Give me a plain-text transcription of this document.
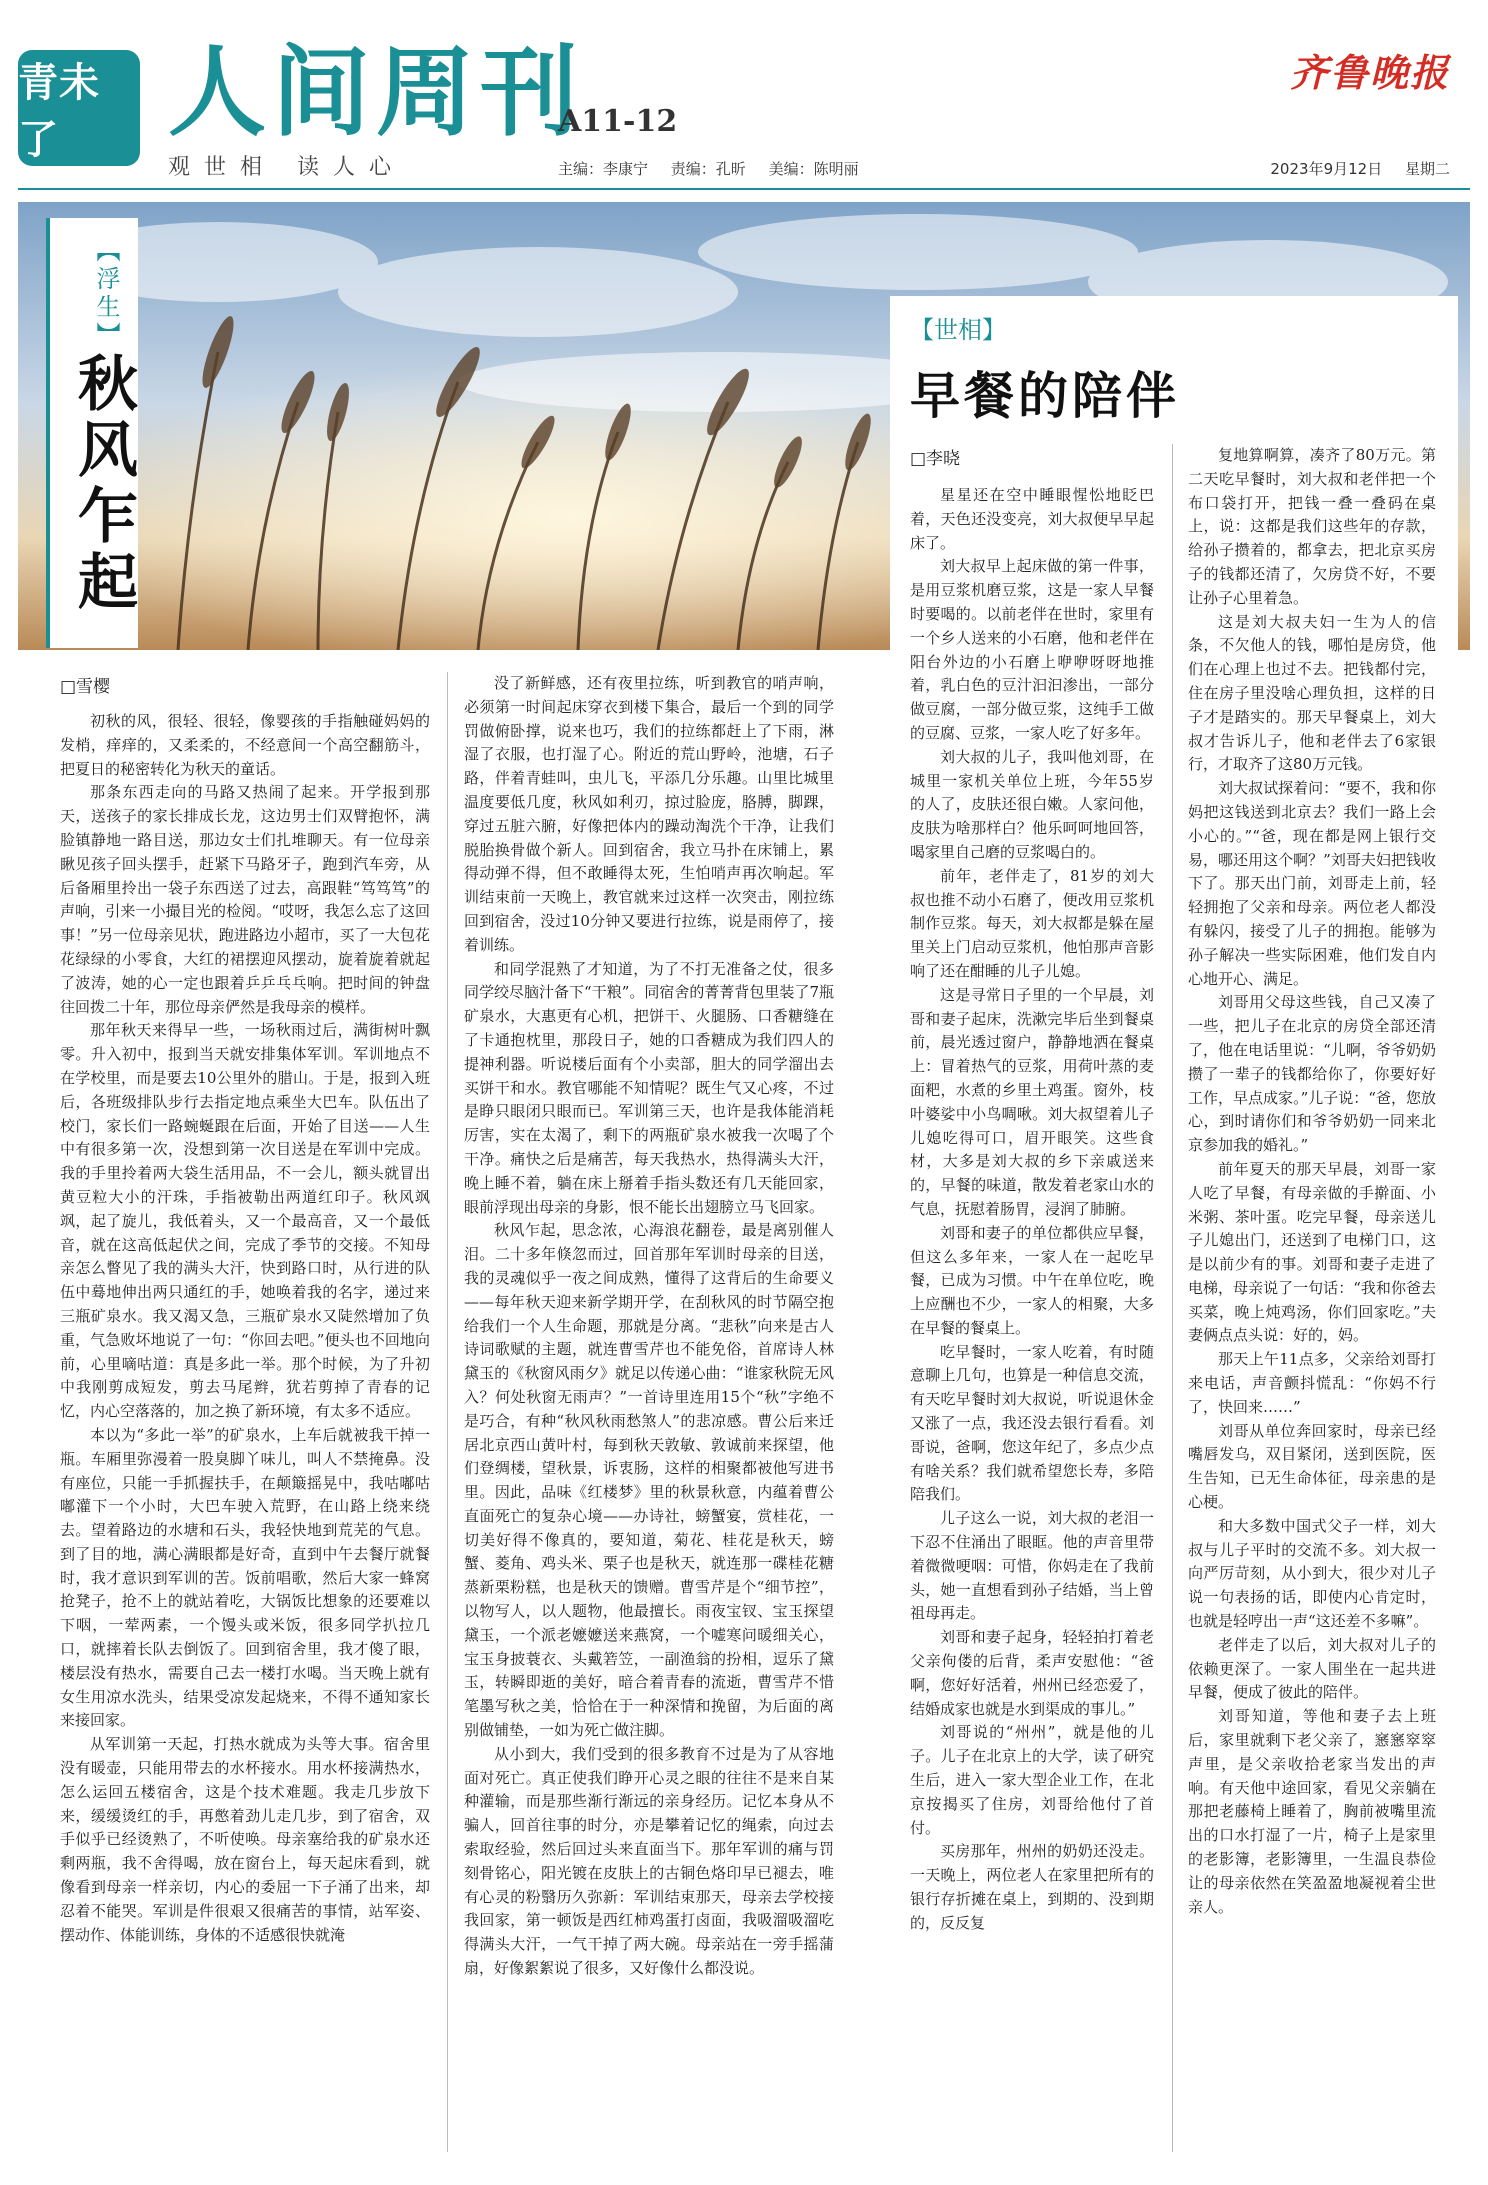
青未了	人间周刊
A11-12
观世相 读人心
齐鲁晚报
主编：李康宁 责编：孔昕 美编：陈明丽	2023年9月12日 星期二
【浮生】
秋风乍起
【世相】
早餐的陪伴
□雪樱
□李晓

初秋的风，很轻、很轻，像婴孩的手指触碰妈妈的发梢，痒痒的，又柔柔的，不经意间一个高空翻筋斗，把夏日的秘密转化为秋天的童话。

那条东西走向的马路又热闹了起来。开学报到那天，送孩子的家长排成长龙，这边男士们双臂抱怀，满脸镇静地一路目送，那边女士们扎堆聊天。有一位母亲瞅见孩子回头摆手，赶紧下马路牙子，跑到汽车旁，从后备厢里拎出一袋子东西送了过去，高跟鞋“笃笃笃”的声响，引来一小撮目光的检阅。“哎呀，我怎么忘了这回事！”另一位母亲见状，跑进路边小超市，买了一大包花花绿绿的小零食，大红的裙摆迎风摆动，旋着旋着就起了波涛，她的心一定也跟着乒乒乓乓响。把时间的钟盘往回拨二十年，那位母亲俨然是我母亲的模样。

那年秋天来得早一些，一场秋雨过后，满街树叶飘零。升入初中，报到当天就安排集体军训。军训地点不在学校里，而是要去10公里外的腊山。于是，报到入班后，各班级排队步行去指定地点乘坐大巴车。队伍出了校门，家长们一路蜿蜒跟在后面，开始了目送——人生中有很多第一次，没想到第一次目送是在军训中完成。我的手里拎着两大袋生活用品，不一会儿，额头就冒出黄豆粒大小的汗珠，手指被勒出两道红印子。秋风飒飒，起了旋儿，我低着头，又一个最高音，又一个最低音，就在这高低起伏之间，完成了季节的交接。不知母亲怎么瞥见了我的满头大汗，快到路口时，从行进的队伍中蓦地伸出两只通红的手，她唤着我的名字，递过来三瓶矿泉水。我又渴又急，三瓶矿泉水又陡然增加了负重，气急败坏地说了一句：“你回去吧。”便头也不回地向前，心里嘀咕道：真是多此一举。那个时候，为了升初中我刚剪成短发，剪去马尾辫，犹若剪掉了青春的记忆，内心空落落的，加之换了新环境，有太多不适应。

本以为“多此一举”的矿泉水，上车后就被我干掉一瓶。车厢里弥漫着一股臭脚丫味儿，叫人不禁掩鼻。没有座位，只能一手抓握扶手，在颠簸摇晃中，我咕嘟咕嘟灌下一个小时，大巴车驶入荒野，在山路上绕来绕去。望着路边的水塘和石头，我轻快地到荒芜的气息。到了目的地，满心满眼都是好奇，直到中午去餐厅就餐时，我才意识到军训的苦。饭前唱歌，然后大家一蜂窝抢凳子，抢不上的就站着吃，大锅饭比想象的还要难以下咽，一荤两素，一个馒头或米饭，很多同学扒拉几口，就摔着长队去倒饭了。回到宿舍里，我才傻了眼，楼层没有热水，需要自己去一楼打水喝。当天晚上就有女生用凉水洗头，结果受凉发起烧来，不得不通知家长来接回家。

从军训第一天起，打热水就成为头等大事。宿舍里没有暖壶，只能用带去的水杯接水。用水杯接满热水，怎么运回五楼宿舍，这是个技术难题。我走几步放下来，缓缓烫红的手，再憋着劲儿走几步，到了宿舍，双手似乎已经烫熟了，不听使唤。母亲塞给我的矿泉水还剩两瓶，我不舍得喝，放在窗台上，每天起床看到，就像看到母亲一样亲切，内心的委屈一下子涌了出来，却忍着不能哭。军训是件很艰又很痛苦的事情，站军姿、摆动作、体能训练，身体的不适感很快就淹

没了新鲜感，还有夜里拉练，听到教官的哨声响，必须第一时间起床穿衣到楼下集合，最后一个到的同学罚做俯卧撑，说来也巧，我们的拉练都赶上了下雨，淋湿了衣服，也打湿了心。附近的荒山野岭，池塘，石子路，伴着青蛙叫，虫儿飞，平添几分乐趣。山里比城里温度要低几度，秋风如利刃，掠过脸庞，胳膊，脚踝，穿过五脏六腑，好像把体内的躁动淘洗个干净，让我们脱胎换骨做个新人。回到宿舍，我立马扑在床铺上，累得动弹不得，但不敢睡得太死，生怕哨声再次响起。军训结束前一天晚上，教官就来过这样一次突击，刚拉练回到宿舍，没过10分钟又要进行拉练，说是雨停了，接着训练。

和同学混熟了才知道，为了不打无准备之仗，很多同学绞尽脑汁备下“干粮”。同宿舍的菁菁背包里装了7瓶矿泉水，大惠更有心机，把饼干、火腿肠、口香糖缝在了卡通抱枕里，那段日子，她的口香糖成为我们四人的提神利器。听说楼后面有个小卖部，胆大的同学溜出去买饼干和水。教官哪能不知情呢？既生气又心疼，不过是睁只眼闭只眼而已。军训第三天，也许是我体能消耗厉害，实在太渴了，剩下的两瓶矿泉水被我一次喝了个干净。痛快之后是痛苦，每天我热水，热得满头大汗，晚上睡不着，躺在床上掰着手指头数还有几天能回家，眼前浮现出母亲的身影，恨不能长出翅膀立马飞回家。

秋风乍起，思念浓，心海浪花翻卷，最是离别催人泪。二十多年倏忽而过，回首那年军训时母亲的目送，我的灵魂似乎一夜之间成熟，懂得了这背后的生命要义——每年秋天迎来新学期开学，在刮秋风的时节隔空抱给我们一个人生命题，那就是分离。“悲秋”向来是古人诗词歌赋的主题，就连曹雪芹也不能免俗，首席诗人林黛玉的《秋窗风雨夕》就足以传递心曲：“谁家秋院无风入？何处秋窗无雨声？”一首诗里连用15个“秋”字绝不是巧合，有种“秋风秋雨愁煞人”的悲凉感。曹公后来迁居北京西山黄叶村，每到秋天敦敏、敦诚前来探望，他们登绸楼，望秋景，诉衷肠，这样的相聚都被他写进书里。因此，品味《红楼梦》里的秋景秋意，内蕴着曹公直面死亡的复杂心境——办诗社，螃蟹宴，赏桂花，一切美好得不像真的，要知道，菊花、桂花是秋天，螃蟹、菱角、鸡头米、栗子也是秋天，就连那一碟桂花糖蒸新栗粉糕，也是秋天的馈赠。曹雪芹是个“细节控”，以物写人，以人题物，他最擅长。雨夜宝钗、宝玉探望黛玉，一个派老嬷嬷送来燕窝，一个嘘寒问暖细关心，宝玉身披蓑衣、头戴箬笠，一副渔翁的扮相，逗乐了黛玉，转瞬即逝的美好，暗合着青春的流逝，曹雪芹不惜笔墨写秋之美，恰恰在于一种深情和挽留，为后面的离别做铺垫，一如为死亡做注脚。

从小到大，我们受到的很多教育不过是为了从容地面对死亡。真正使我们睁开心灵之眼的往往不是来自某种灌输，而是那些渐行渐远的亲身经历。记忆本身从不骗人，回首往事的时分，亦是攀着记忆的绳索，向过去索取经验，然后回过头来直面当下。那年军训的痛与罚刻骨铭心，阳光镀在皮肤上的古铜色烙印早已褪去，唯有心灵的粉翳历久弥新：军训结束那天，母亲去学校接我回家，第一顿饭是西红柿鸡蛋打卤面，我吸溜吸溜吃得满头大汗，一气干掉了两大碗。母亲站在一旁手摇蒲扇，好像絮絮说了很多，又好像什么都没说。

星星还在空中睡眼惺忪地眨巴着，天色还没变亮，刘大叔便早早起床了。

刘大叔早上起床做的第一件事，是用豆浆机磨豆浆，这是一家人早餐时要喝的。以前老伴在世时，家里有一个乡人送来的小石磨，他和老伴在阳台外边的小石磨上咿咿呀呀地推着，乳白色的豆汁汩汩渗出，一部分做豆腐，一部分做豆浆，这纯手工做的豆腐、豆浆，一家人吃了好多年。

刘大叔的儿子，我叫他刘哥，在城里一家机关单位上班，今年55岁的人了，皮肤还很白嫩。人家问他，皮肤为啥那样白？他乐呵呵地回答，喝家里自己磨的豆浆喝白的。

前年，老伴走了，81岁的刘大叔也推不动小石磨了，便改用豆浆机制作豆浆。每天，刘大叔都是躲在屋里关上门启动豆浆机，他怕那声音影响了还在酣睡的儿子儿媳。

这是寻常日子里的一个早晨，刘哥和妻子起床，洗漱完毕后坐到餐桌前，晨光透过窗户，静静地洒在餐桌上：冒着热气的豆浆，用荷叶蒸的麦面粑，水煮的乡里土鸡蛋。窗外，枝叶婆娑中小鸟啁啾。刘大叔望着儿子儿媳吃得可口，眉开眼笑。这些食材，大多是刘大叔的乡下亲戚送来的，早餐的味道，散发着老家山水的气息，抚慰着肠胃，浸润了肺腑。

刘哥和妻子的单位都供应早餐，但这么多年来，一家人在一起吃早餐，已成为习惯。中午在单位吃，晚上应酬也不少，一家人的相聚，大多在早餐的餐桌上。

吃早餐时，一家人吃着，有时随意聊上几句，也算是一种信息交流，有天吃早餐时刘大叔说，听说退休金又涨了一点，我还没去银行看看。刘哥说，爸啊，您这年纪了，多点少点有啥关系？我们就希望您长寿，多陪陪我们。

儿子这么一说，刘大叔的老泪一下忍不住涌出了眼眶。他的声音里带着微微哽咽：可惜，你妈走在了我前头，她一直想看到孙子结婚，当上曾祖母再走。

刘哥和妻子起身，轻轻拍打着老父亲佝偻的后背，柔声安慰他：“爸啊，您好好活着，州州已经恋爱了，结婚成家也就是水到渠成的事儿。”

刘哥说的“州州”，就是他的儿子。儿子在北京上的大学，读了研究生后，进入一家大型企业工作，在北京按揭买了住房，刘哥给他付了首付。

买房那年，州州的奶奶还没走。一天晚上，两位老人在家里把所有的银行存折摊在桌上，到期的、没到期的，反反复

复地算啊算，凑齐了80万元。第二天吃早餐时，刘大叔和老伴把一个布口袋打开，把钱一叠一叠码在桌上，说：这都是我们这些年的存款，给孙子攒着的，都拿去，把北京买房子的钱都还清了，欠房贷不好，不要让孙子心里着急。

这是刘大叔夫妇一生为人的信条，不欠他人的钱，哪怕是房贷，他们在心理上也过不去。把钱都付完，住在房子里没啥心理负担，这样的日子才是踏实的。那天早餐桌上，刘大叔才告诉儿子，他和老伴去了6家银行，才取齐了这80万元钱。

刘大叔试探着问：“要不，我和你妈把这钱送到北京去？我们一路上会小心的。”“爸，现在都是网上银行交易，哪还用这个啊？”刘哥夫妇把钱收下了。那天出门前，刘哥走上前，轻轻拥抱了父亲和母亲。两位老人都没有躲闪，接受了儿子的拥抱。能够为孙子解决一些实际困难，他们发自内心地开心、满足。

刘哥用父母这些钱，自己又凑了一些，把儿子在北京的房贷全部还清了，他在电话里说：“儿啊，爷爷奶奶攒了一辈子的钱都给你了，你要好好工作，早点成家。”儿子说：“爸，您放心，到时请你们和爷爷奶奶一同来北京参加我的婚礼。”

前年夏天的那天早晨，刘哥一家人吃了早餐，有母亲做的手擀面、小米粥、茶叶蛋。吃完早餐，母亲送儿子儿媳出门，还送到了电梯门口，这是以前少有的事。刘哥和妻子走进了电梯，母亲说了一句话：“我和你爸去买菜，晚上炖鸡汤，你们回家吃。”夫妻俩点点头说：好的，妈。

那天上午11点多，父亲给刘哥打来电话，声音颤抖慌乱：“你妈不行了，快回来……”

刘哥从单位奔回家时，母亲已经嘴唇发乌，双目紧闭，送到医院，医生告知，已无生命体征，母亲患的是心梗。

和大多数中国式父子一样，刘大叔与儿子平时的交流不多。刘大叔一向严厉苛刻，从小到大，很少对儿子说一句表扬的话，即使内心肯定时，也就是轻哼出一声“这还差不多嘛”。

老伴走了以后，刘大叔对儿子的依赖更深了。一家人围坐在一起共进早餐，便成了彼此的陪伴。

刘哥知道，等他和妻子去上班后，家里就剩下老父亲了，窸窸窣窣声里，是父亲收拾老家当发出的声响。有天他中途回家，看见父亲躺在那把老藤椅上睡着了，胸前被嘴里流出的口水打湿了一片，椅子上是家里的老影簿，老影簿里，一生温良恭俭让的母亲依然在笑盈盈地凝视着尘世亲人。
